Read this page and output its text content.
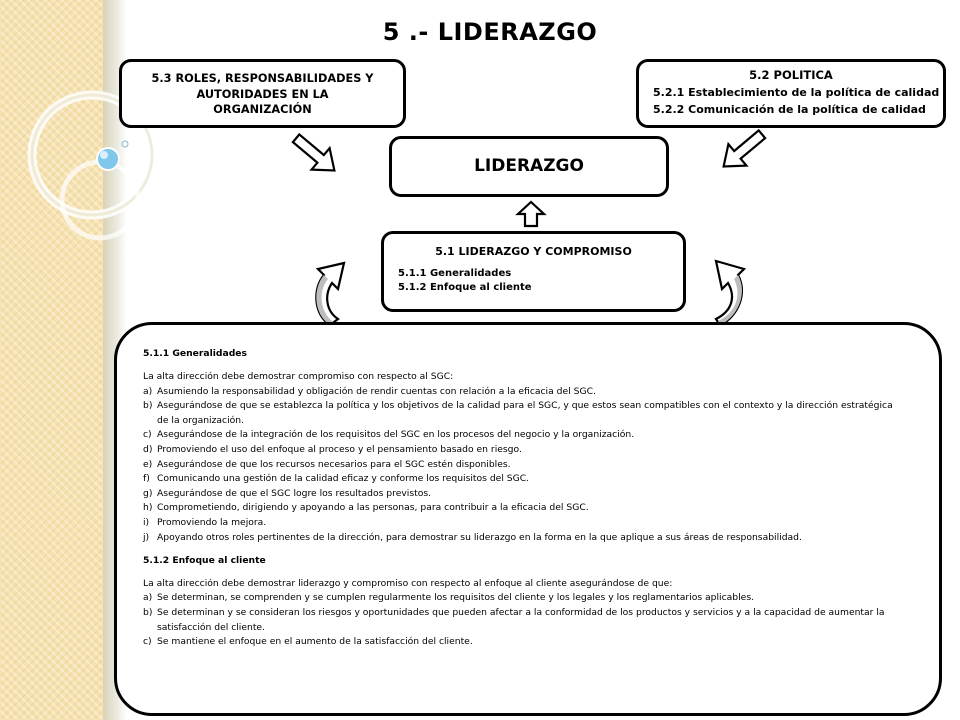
5 .- LIDERAZGO
5.3 ROLES, RESPONSABILIDADES Y
AUTORIDADES EN LA
ORGANIZACIÓN
5.2 POLITICA
5.2.1 Establecimiento de la política de calidad
5.2.2 Comunicación de la política de calidad
LIDERAZGO
5.1 LIDERAZGO Y COMPROMISO
5.1.1 Generalidades
5.1.2 Enfoque al cliente
5.1.1 Generalidades
La alta dirección debe demostrar compromiso con respecto al SGC:
a) Asumiendo la responsabilidad y obligación de rendir cuentas con relación a la eficacia del SGC.
b) Asegurándose de que se establezca la política y los objetivos de la calidad para el SGC, y que estos sean compatibles con el contexto y la dirección estratégica de la organización.
c) Asegurándose de la integración de los requisitos del SGC en los procesos del negocio y la organización.
d) Promoviendo el uso del enfoque al proceso y el pensamiento basado en riesgo.
e) Asegurándose de que los recursos necesarios para el SGC estén disponibles.
f) Comunicando una gestión de la calidad eficaz y conforme los requisitos del SGC.
g) Asegurándose de que el SGC logre los resultados previstos.
h) Comprometiendo, dirigiendo y apoyando a las personas, para contribuir a la eficacia del SGC.
i) Promoviendo la mejora.
j) Apoyando otros roles pertinentes de la dirección, para demostrar su liderazgo en la forma en la que aplique a sus áreas de responsabilidad.
5.1.2 Enfoque al cliente
La alta dirección debe demostrar liderazgo y compromiso con respecto al enfoque al cliente asegurándose de que:
a) Se determinan, se comprenden y se cumplen regularmente los requisitos del cliente y los legales y los reglamentarios aplicables.
b) Se determinan y se consideran los riesgos y oportunidades que pueden afectar a la conformidad de los productos y servicios y a la capacidad de aumentar la satisfacción del cliente.
c) Se mantiene el enfoque en el aumento de la satisfacción del cliente.
